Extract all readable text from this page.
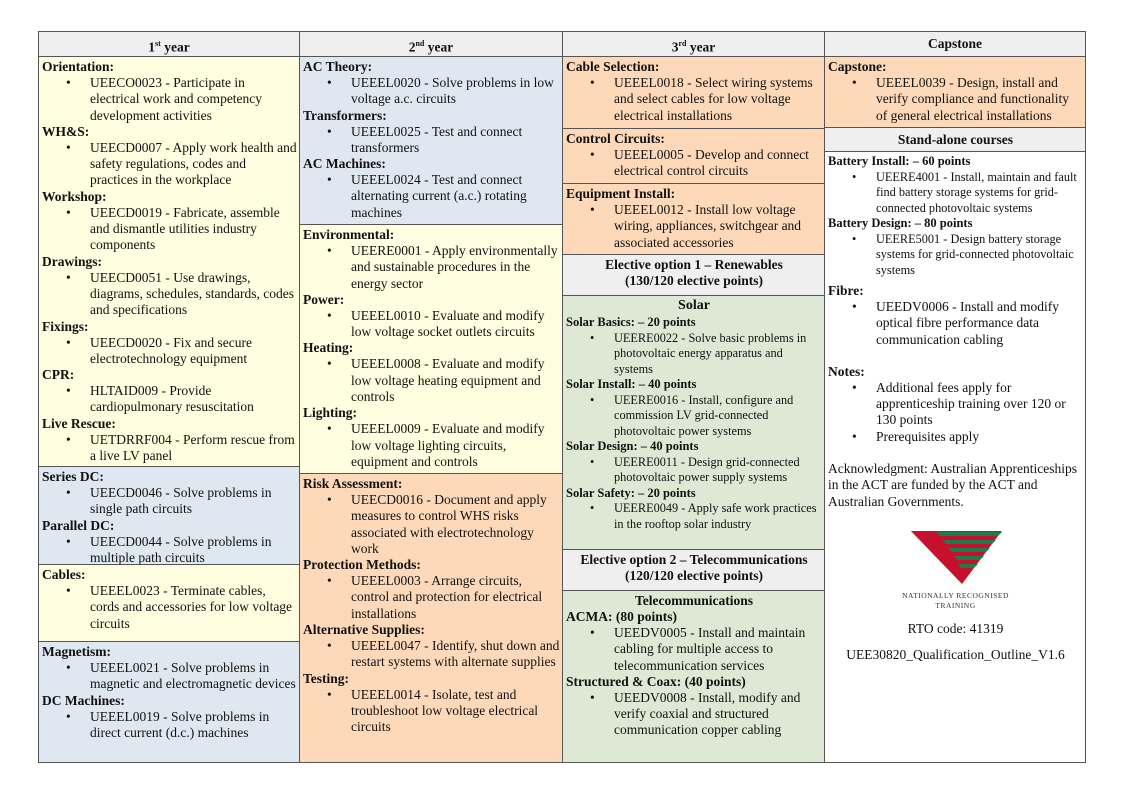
1st year
Orientation:
• UEECO0023 - Participate in electrical work and competency development activities
WH&S:
• UEECD0007 - Apply work health and safety regulations, codes and practices in the workplace
Workshop:
• UEECD0019 - Fabricate, assemble and dismantle utilities industry components
Drawings:
• UEECD0051 - Use drawings, diagrams, schedules, standards, codes and specifications
Fixings:
• UEECD0020 - Fix and secure electrotechnology equipment
CPR:
• HLTAID009 - Provide cardiopulmonary resuscitation
Live Rescue:
• UETDRRF004 - Perform rescue from a live LV panel
Series DC:
• UEECD0046 - Solve problems in single path circuits
Parallel DC:
• UEECD0044 - Solve problems in multiple path circuits
Cables:
• UEEEL0023 - Terminate cables, cords and accessories for low voltage circuits
Magnetism:
• UEEEL0021 - Solve problems in magnetic and electromagnetic devices
DC Machines:
• UEEEL0019 - Solve problems in direct current (d.c.) machines
2nd year
AC Theory:
• UEEEL0020 - Solve problems in low voltage a.c. circuits
Transformers:
• UEEEL0025 - Test and connect transformers
AC Machines:
• UEEEL0024 - Test and connect alternating current (a.c.) rotating machines
Environmental:
• UEERE0001 - Apply environmentally and sustainable procedures in the energy sector
Power:
• UEEEL0010 - Evaluate and modify low voltage socket outlets circuits
Heating:
• UEEEL0008 - Evaluate and modify low voltage heating equipment and controls
Lighting:
• UEEEL0009 - Evaluate and modify low voltage lighting circuits, equipment and controls
Risk Assessment:
• UEECD0016 - Document and apply measures to control WHS risks associated with electrotechnology work
Protection Methods:
• UEEEL0003 - Arrange circuits, control and protection for electrical installations
Alternative Supplies:
• UEEEL0047 - Identify, shut down and restart systems with alternate supplies
Testing:
• UEEEL0014 - Isolate, test and troubleshoot low voltage electrical circuits
3rd year
Cable Selection:
• UEEEL0018 - Select wiring systems and select cables for low voltage electrical installations
Control Circuits:
• UEEEL0005 - Develop and connect electrical control circuits
Equipment Install:
• UEEEL0012 - Install low voltage wiring, appliances, switchgear and associated accessories
Elective option 1 – Renewables
(130/120 elective points)
Solar
Solar Basics: – 20 points
• UEERE0022 - Solve basic problems in photovoltaic energy apparatus and systems
Solar Install: – 40 points
• UEERE0016 - Install, configure and commission LV grid-connected photovoltaic power systems
Solar Design: – 40 points
• UEERE0011 - Design grid-connected photovoltaic power supply systems
Solar Safety: – 20 points
• UEERE0049 - Apply safe work practices in the rooftop solar industry
Elective option 2 – Telecommunications
(120/120 elective points)
Telecommunications
ACMA: (80 points)
• UEEDV0005 - Install and maintain cabling for multiple access to telecommunication services
Structured & Coax: (40 points)
• UEEDV0008 - Install, modify and verify coaxial and structured communication copper cabling
Capstone
Capstone:
• UEEEL0039 - Design, install and verify compliance and functionality of general electrical installations
Stand-alone courses
Battery Install: – 60 points
• UEERE4001 - Install, maintain and fault find battery storage systems for grid-connected photovoltaic systems
Battery Design: – 80 points
• UEERE5001 - Design battery storage systems for grid-connected photovoltaic systems
Fibre:
• UEEDV0006 - Install and modify optical fibre performance data communication cabling
Notes:
• Additional fees apply for apprenticeship training over 120 or 130 points
• Prerequisites apply
Acknowledgment: Australian Apprenticeships in the ACT are funded by the ACT and Australian Governments.
NATIONALLY RECOGNISED
TRAINING
RTO code: 41319
UEE30820_Qualification_Outline_V1.6
